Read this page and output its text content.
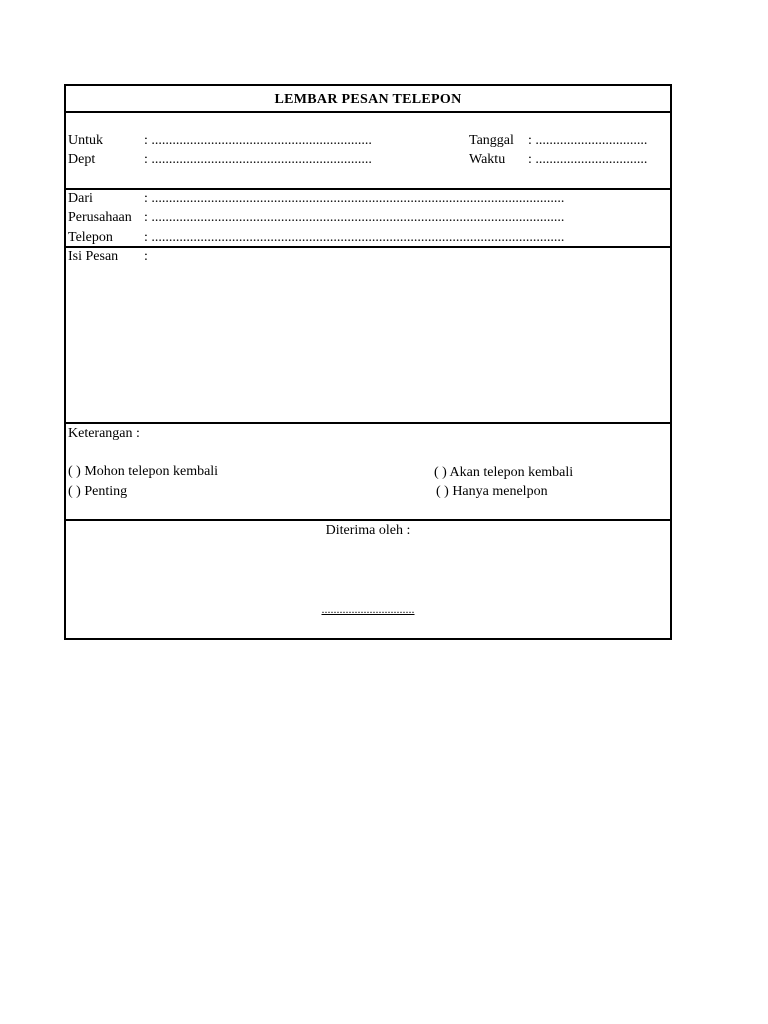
LEMBAR PESAN TELEPON
Untuk	: ...............................................................	Tanggal : ................................
Dept	: ...............................................................	Waktu : ................................
Dari	: ......................................................................................................................
Perusahaan : ......................................................................................................................
Telepon : ......................................................................................................................
Isi Pesan :
Keterangan :
( ) Mohon telepon kembali	( ) Akan telepon kembali
( ) Penting	( ) Hanya menelpon
Diterima oleh :
...............................
